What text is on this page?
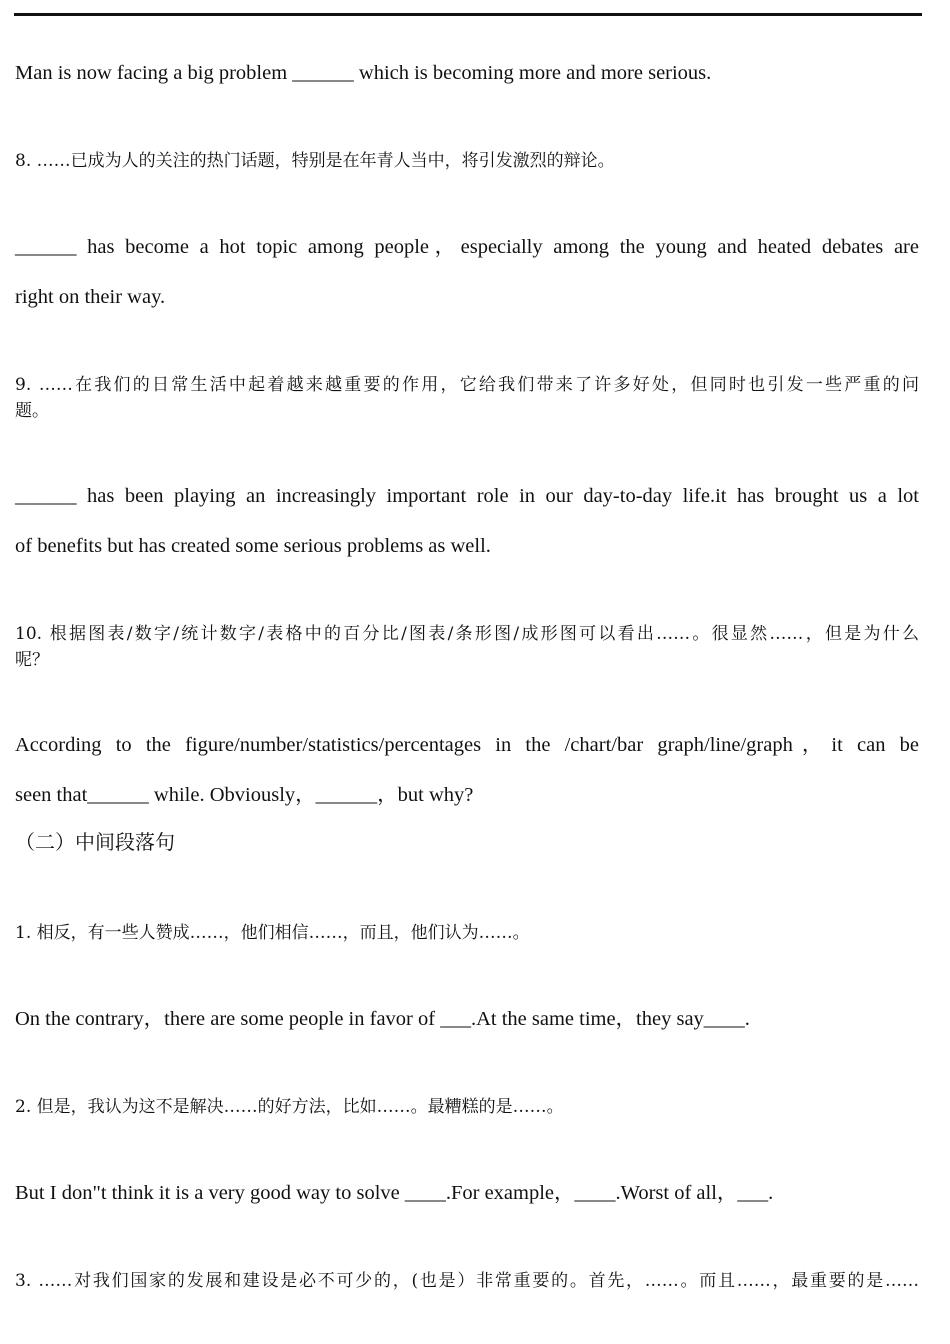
Man is now facing a big problem ______ which is becoming more and more serious.
8. ……已成为人的关注的热门话题，特别是在年青人当中，将引发激烈的辩论。
______ has become a hot topic among people，especially among the young and heated debates are
right on their way.
9. ……在我们的日常生活中起着越来越重要的作用，它给我们带来了许多好处，但同时也引发一些严重的问
题。
______ has been playing an increasingly important role in our day-to-day life.it has brought us a lot
of benefits but has created some serious problems as well.
10. 根据图表/数字/统计数字/表格中的百分比/图表/条形图/成形图可以看出……。很显然……，但是为什么
呢？
According to the figure/number/statistics/percentages in the /chart/bar graph/line/graph，it can be
seen that______ while. Obviously，______，but why?
（二）中间段落句
1. 相反，有一些人赞成……，他们相信……，而且，他们认为……。
On the contrary，there are some people in favor of ___.At the same time，they say____.
2. 但是，我认为这不是解决……的好方法，比如……。最糟糕的是……。
But I don"t think it is a very good way to solve ____.For example，____.Worst of all，___.
3. ……对我们国家的发展和建设是必不可少的，(也是）非常重要的。首先，……。而且……，最重要的是……
